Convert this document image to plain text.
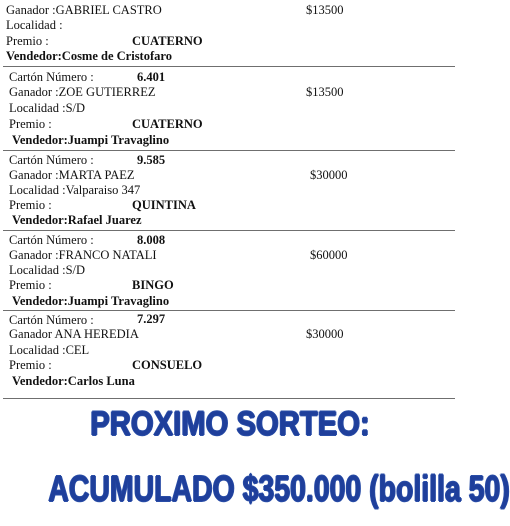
Ganador :GABRIEL CASTRO	$13500
Localidad :
Premio :	CUATERNO
Vendedor:Cosme de Cristofaro
Cartón Número :	6.401
Ganador :ZOE GUTIERREZ	$13500
Localidad :S/D
Premio :	CUATERNO
Vendedor:Juampi Travaglino
Cartón Número :	9.585
Ganador :MARTA PAEZ	$30000
Localidad :Valparaiso 347
Premio :	QUINTINA
Vendedor:Rafael Juarez
Cartón Número :	8.008
Ganador :FRANCO NATALI	$60000
Localidad :S/D
Premio :	BINGO
Vendedor:Juampi Travaglino
Cartón Número :	7.297
Ganador ANA HEREDIA	$30000
Localidad :CEL
Premio :	CONSUELO
Vendedor:Carlos Luna
PROXIMO SORTEO:
ACUMULADO $350.000 (bolilla 50)
